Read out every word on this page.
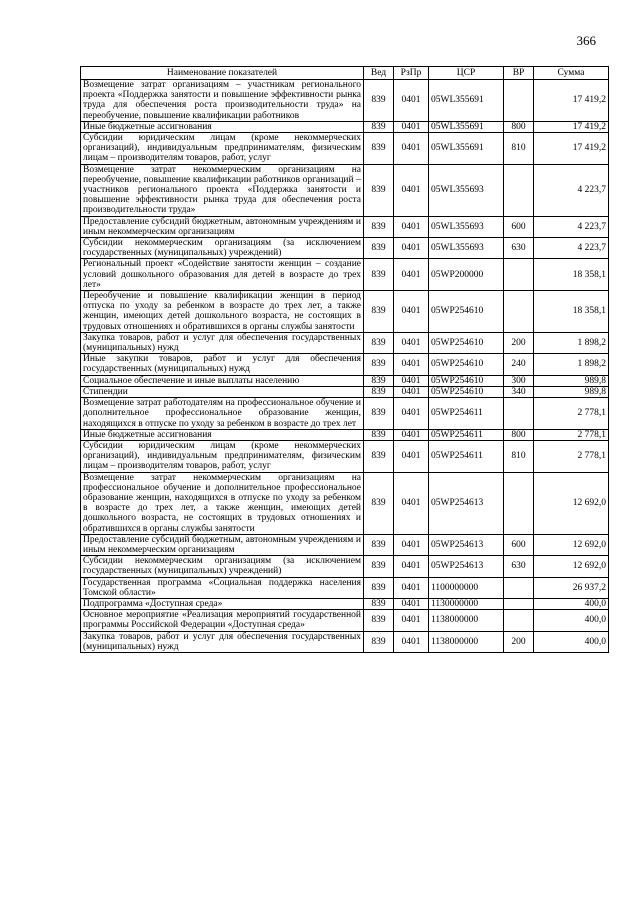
366
Наименование показателей	Вед	РзПр	ЦСР	ВР	Сумма
Возмещение затрат организациям – участникам регионального проекта «Поддержка занятости и повышение эффективности рынка труда для обеспечения роста производительности труда» на переобучение, повышение квалификации работников	839	0401	05WL355691		17 419,2
Иные бюджетные ассигнования	839	0401	05WL355691	800	17 419,2
Субсидии юридическим лицам (кроме некоммерческих организаций), индивидуальным предпринимателям, физическим лицам – производителям товаров, работ, услуг	839	0401	05WL355691	810	17 419,2
Возмещение затрат некоммерческим организациям на переобучение, повышение квалификации работников организаций – участников регионального проекта «Поддержка занятости и повышение эффективности рынка труда для обеспечения роста производительности труда»	839	0401	05WL355693		4 223,7
Предоставление субсидий бюджетным, автономным учреждениям и иным некоммерческим организациям	839	0401	05WL355693	600	4 223,7
Субсидии некоммерческим организациям (за исключением государственных (муниципальных) учреждений)	839	0401	05WL355693	630	4 223,7
Региональный проект «Содействие занятости женщин – создание условий дошкольного образования для детей в возрасте до трех лет»	839	0401	05WP200000		18 358,1
Переобучение и повышение квалификации женщин в период отпуска по уходу за ребенком в возрасте до трех лет, а также женщин, имеющих детей дошкольного возраста, не состоящих в трудовых отношениях и обратившихся в органы службы занятости	839	0401	05WP254610		18 358,1
Закупка товаров, работ и услуг для обеспечения государственных (муниципальных) нужд	839	0401	05WP254610	200	1 898,2
Иные закупки товаров, работ и услуг для обеспечения государственных (муниципальных) нужд	839	0401	05WP254610	240	1 898,2
Социальное обеспечение и иные выплаты населению	839	0401	05WP254610	300	989,8
Стипендии	839	0401	05WP254610	340	989,8
Возмещение затрат работодателям на профессиональное обучение и дополнительное профессиональное образование женщин, находящихся в отпуске по уходу за ребенком в возрасте до трех лет	839	0401	05WP254611		2 778,1
Иные бюджетные ассигнования	839	0401	05WP254611	800	2 778,1
Субсидии юридическим лицам (кроме некоммерческих организаций), индивидуальным предпринимателям, физическим лицам – производителям товаров, работ, услуг	839	0401	05WP254611	810	2 778,1
Возмещение затрат некоммерческим организациям на профессиональное обучение и дополнительное профессиональное образование женщин, находящихся в отпуске по уходу за ребенком в возрасте до трех лет, а также женщин, имеющих детей дошкольного возраста, не состоящих в трудовых отношениях и обратившихся в органы службы занятости	839	0401	05WP254613		12 692,0
Предоставление субсидий бюджетным, автономным учреждениям и иным некоммерческим организациям	839	0401	05WP254613	600	12 692,0
Субсидии некоммерческим организациям (за исключением государственных (муниципальных) учреждений)	839	0401	05WP254613	630	12 692,0
Государственная программа «Социальная поддержка населения Томской области»	839	0401	1100000000		26 937,2
Подпрограмма «Доступная среда»	839	0401	1130000000		400,0
Основное мероприятие «Реализация мероприятий государственной программы Российской Федерации «Доступная среда»	839	0401	1138000000		400,0
Закупка товаров, работ и услуг для обеспечения государственных (муниципальных) нужд	839	0401	1138000000	200	400,0
